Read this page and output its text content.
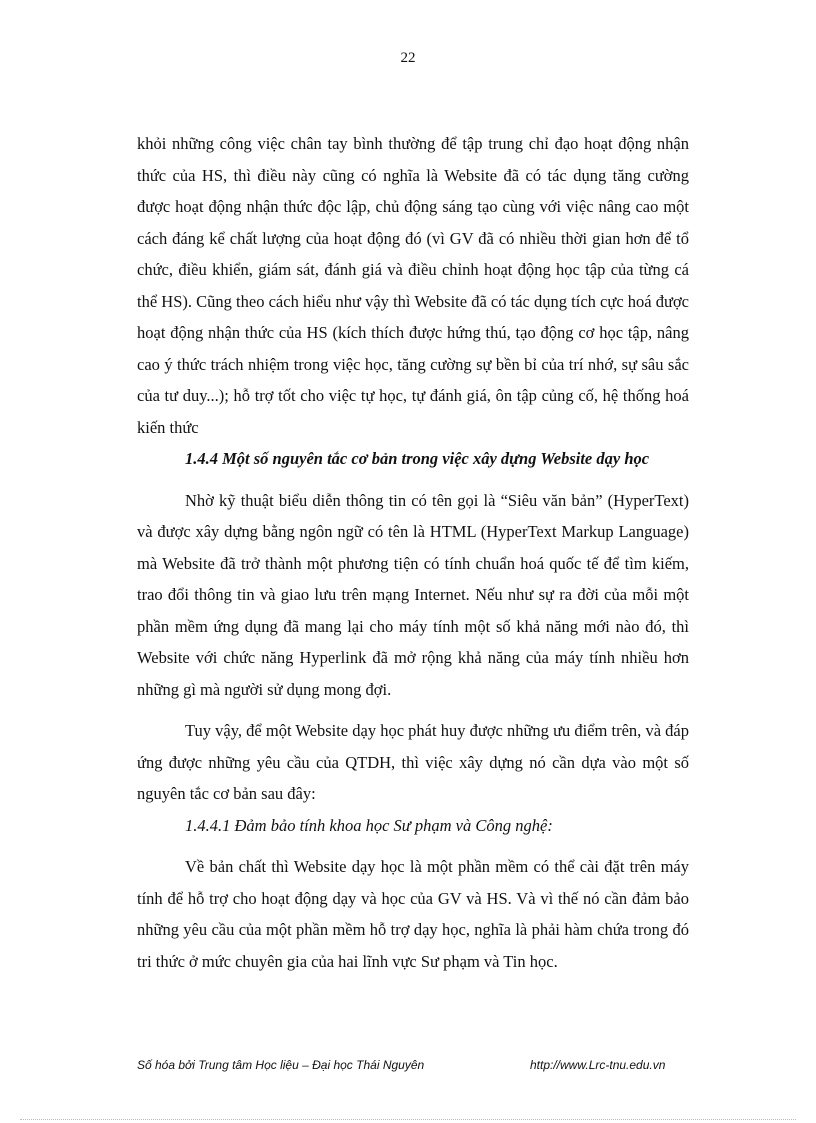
22

khỏi những công việc chân tay bình thường để tập trung chỉ đạo hoạt động nhận thức của HS, thì điều này cũng có nghĩa là Website đã có tác dụng tăng cường được hoạt động nhận thức độc lập, chủ động sáng tạo cùng với việc nâng cao một cách đáng kể chất lượng của hoạt động đó (vì GV đã có nhiều thời gian hơn để tổ chức, điều khiển, giám sát, đánh giá và điều chỉnh hoạt động học tập của từng cá thể HS). Cũng theo cách hiểu như vậy thì Website đã có tác dụng tích cực hoá được hoạt động nhận thức của HS (kích thích được hứng thú, tạo động cơ học tập, nâng cao ý thức trách nhiệm trong việc học, tăng cường sự bền bỉ của trí nhớ, sự sâu sắc của tư duy...); hỗ trợ tốt cho việc tự học, tự đánh giá, ôn tập củng cố, hệ thống hoá kiến thức

1.4.4 Một số nguyên tắc cơ bản trong việc xây dựng Website dạy học

Nhờ kỹ thuật biểu diễn thông tin có tên gọi là “Siêu văn bản” (HyperText) và được xây dựng bằng ngôn ngữ có tên là HTML (HyperText Markup Language) mà Website đã trở thành một phương tiện có tính chuẩn hoá quốc tế để tìm kiếm, trao đổi thông tin và giao lưu trên mạng Internet. Nếu như sự ra đời của mỗi một phần mềm ứng dụng đã mang lại cho máy tính một số khả năng mới nào đó, thì Website với chức năng Hyperlink đã mở rộng khả năng của máy tính nhiều hơn những gì mà người sử dụng mong đợi.

Tuy vậy, để một Website dạy học phát huy được những ưu điểm trên, và đáp ứng được những yêu cầu của QTDH, thì việc xây dựng nó cần dựa vào một số nguyên tắc cơ bản sau đây:

1.4.4.1 Đảm bảo tính khoa học Sư phạm và Công nghệ:

Về bản chất thì Website dạy học là một phần mềm có thể cài đặt trên máy tính để hỗ trợ cho hoạt động dạy và học của GV và HS. Và vì thế nó cần đảm bảo những yêu cầu của một phần mềm hỗ trợ dạy học, nghĩa là phải hàm chứa trong đó tri thức ở mức chuyên gia của hai lĩnh vực Sư phạm và Tin học.

Số hóa bởi Trung tâm Học liệu – Đại học Thái Nguyên	http://www.Lrc-tnu.edu.vn
